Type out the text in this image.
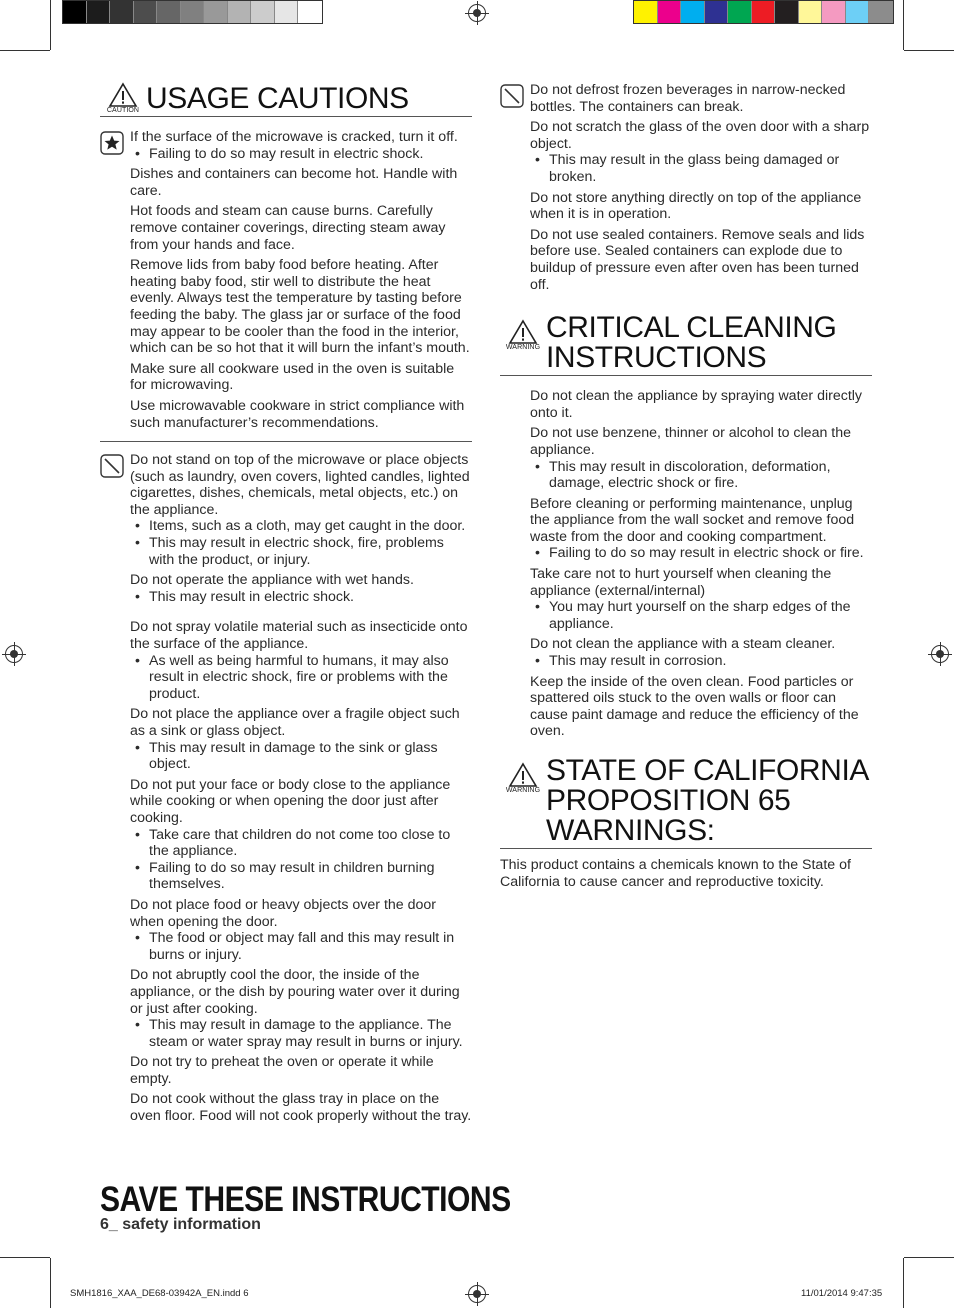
CAUTION USAGE CAUTIONS

If the surface of the microwave is cracked, turn it off.

• Failing to do so may result in electric shock.

Dishes and containers can become hot. Handle with care.

Hot foods and steam can cause burns. Carefully remove container coverings, directing steam away from your hands and face.

Remove lids from baby food before heating. After heating baby food, stir well to distribute the heat evenly. Always test the temperature by tasting before feeding the baby. The glass jar or surface of the food may appear to be cooler than the food in the interior, which can be so hot that it will burn the infant’s mouth.

Make sure all cookware used in the oven is suitable for microwaving.

Use microwavable cookware in strict compliance with such manufacturer’s recommendations.

Do not stand on top of the microwave or place objects (such as laundry, oven covers, lighted candles, lighted cigarettes, dishes, chemicals, metal objects, etc.) on the appliance.

• Items, such as a cloth, may get caught in the door.
• This may result in electric shock, fire, problems with the product, or injury.

Do not operate the appliance with wet hands.

• This may result in electric shock.

Do not spray volatile material such as insecticide onto the surface of the appliance.

• As well as being harmful to humans, it may also result in electric shock, fire or problems with the product.

Do not place the appliance over a fragile object such as a sink or glass object.

• This may result in damage to the sink or glass object.

Do not put your face or body close to the appliance while cooking or when opening the door just after cooking.

• Take care that children do not come too close to the appliance.
• Failing to do so may result in children burning themselves.

Do not place food or heavy objects over the door when opening the door.

• The food or object may fall and this may result in burns or injury.

Do not abruptly cool the door, the inside of the appliance, or the dish by pouring water over it during or just after cooking.

• This may result in damage to the appliance. The steam or water spray may result in burns or injury.

Do not try to preheat the oven or operate it while empty.

Do not cook without the glass tray in place on the oven floor. Food will not cook properly without the tray.

Do not defrost frozen beverages in narrow-necked bottles. The containers can break.

Do not scratch the glass of the oven door with a sharp object.

• This may result in the glass being damaged or broken.

Do not store anything directly on top of the appliance when it is in operation.

Do not use sealed containers. Remove seals and lids before use. Sealed containers can explode due to buildup of pressure even after oven has been turned off.

WARNING
CRITICAL CLEANING
INSTRUCTIONS

Do not clean the appliance by spraying water directly onto it.

Do not use benzene, thinner or alcohol to clean the appliance.

• This may result in discoloration, deformation, damage, electric shock or fire.

Before cleaning or performing maintenance, unplug the appliance from the wall socket and remove food waste from the door and cooking compartment.

• Failing to do so may result in electric shock or fire.

Take care not to hurt yourself when cleaning the appliance (external/internal)

• You may hurt yourself on the sharp edges of the appliance.

Do not clean the appliance with a steam cleaner.

• This may result in corrosion.

Keep the inside of the oven clean. Food particles or spattered oils stuck to the oven walls or floor can cause paint damage and reduce the efficiency of the oven.

WARNING
STATE OF CALIFORNIA
PROPOSITION 65
WARNINGS:

This product contains a chemicals known to the State of California to cause cancer and reproductive toxicity.

SAVE THESE INSTRUCTIONS
6_ safety information
SMH1816_XAA_DE68-03942A_EN.indd 6	11/01/2014 9:47:35
